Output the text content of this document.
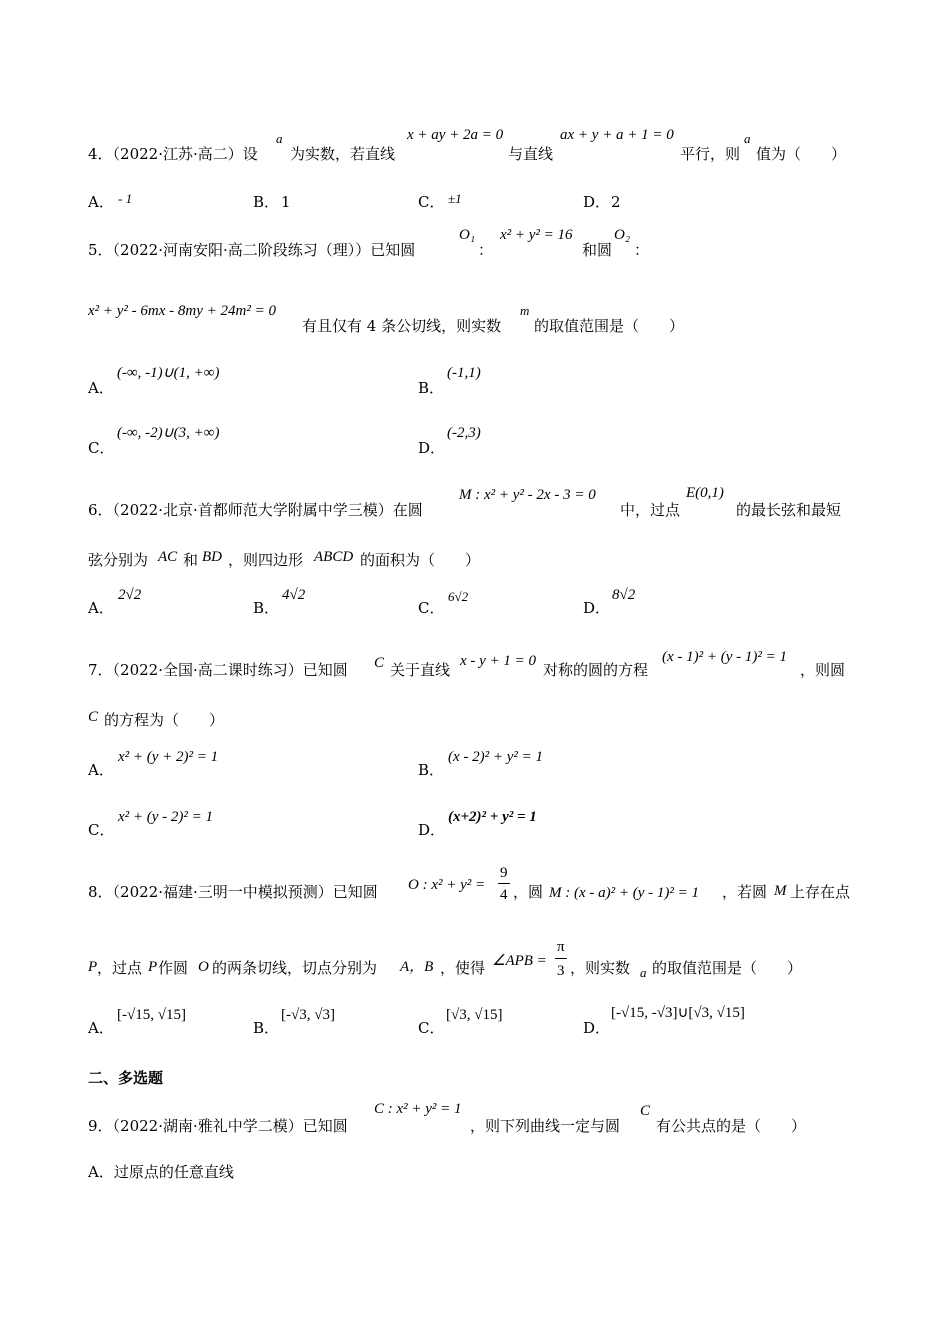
4．（2022·江苏·高二）设
a
为实数，若直线
x + ay + 2a = 0
与直线
ax + y + a + 1 = 0
平行，则
a
值为（　　）
A． - 1	B． 1	C． ±1	D． 2
5．（2022·河南安阳·高二阶段练习（理））已知圆
O₁
：
x² + y² = 16
和圆
O₂
：
x² + y² - 6mx - 8my + 24m² = 0
有且仅有 4 条公切线，则实数
m
的取值范围是（　　）
A．
(-∞, -1)∪(1, +∞)
B．
(-1,1)
C．
(-∞, -2)∪(3, +∞)
D．
(-2,3)
6．（2022·北京·首都师范大学附属中学三模）在圆
M : x² + y² - 2x - 3 = 0
中，过点
E(0,1)
的最长弦和最短
弦分别为 AC 和 BD ，则四边形 ABCD 的面积为（　　）
A．
2√2
B．
4√2
C．
6√2
D．
8√2
7．（2022·全国·高二课时练习）已知圆 C 关于直线 x - y + 1 = 0 对称的圆的方程
(x - 1)² + (y - 1)² = 1
，则圆
C 的方程为（　　）
A．
x² + (y + 2)² = 1
B．
(x - 2)² + y² = 1
C．
x² + (y - 2)² = 1
D．
(x+2)² + y² = 1
8．（2022·福建·三明一中模拟预测）已知圆 O : x² + y² =
9
4 ，圆 M : (x - a)² + (y - 1)² = 1 ，若圆 M 上存在点
P ，过点 P 作圆 O 的两条切线，切点分别为 A，B ，使得 ∠APB =
π
3 ，则实数 a 的取值范围是（　　）
A．
[-√15, √15]
B．
[-√3, √3]
C．
[√3, √15]
D．
[-√15, -√3]∪[√3, √15]
二、多选题
9．（2022·湖南·雅礼中学二模）已知圆
C : x² + y² = 1
，则下列曲线一定与圆
C
有公共点的是（　　）
A．过原点的任意直线
